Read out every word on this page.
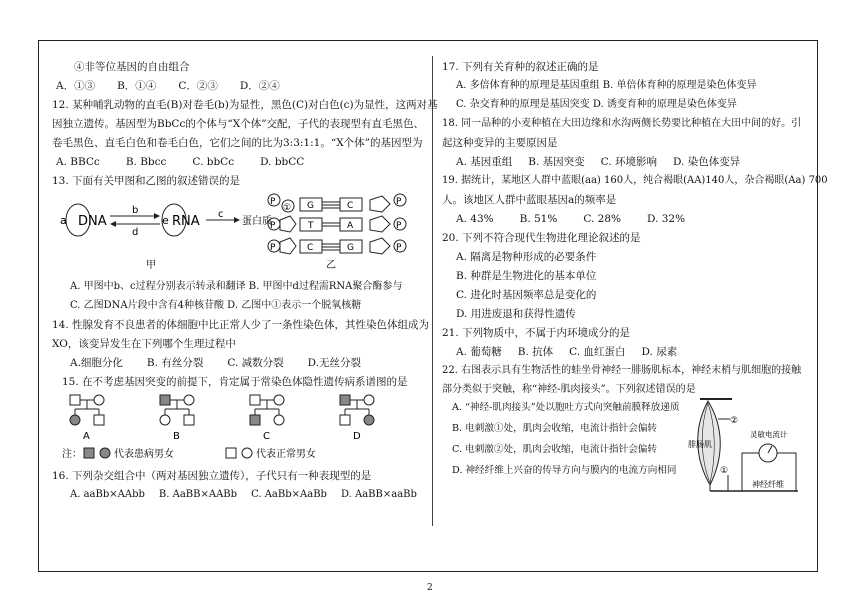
④非等位基因的自由组合

A．①③ B．①④ C．②③ D．②④

12. 某种哺乳动物的直毛(B)对卷毛(b)为显性，黑色(C)对白色(c)为显性，这两对基

因独立遗传。基因型为BbCc的个体与“X个体”交配，子代的表现型有直毛黑色、

卷毛黑色、直毛白色和卷毛白色，它们之间的比为3:3:1:1。“X个体”的基因型为

A. BBCc B. Bbcc C. bbCc D. bbCC

13. 下面有关甲图和乙图的叙述错误的是

a DNA
b
d
e RNA c
蛋白质
甲
P
① G	C	P
P	T	A	P
P	C	G	P
乙

A. 甲图中b、c过程分别表示转录和翻译 B. 甲图中d过程需RNA聚合酶参与

C. 乙图DNA片段中含有4种核苷酸 D. 乙图中①表示一个脱氧核糖

14. 性腺发育不良患者的体细胞中比正常人少了一条性染色体，其性染色体组成为

XO，该变异发生在下列哪个生理过程中

A.细胞分化 B. 有丝分裂 C. 减数分裂 D.无丝分裂

15. 在不考虑基因突变的前提下，肯定属于常染色体隐性遗传病系谱图的是

A	B	C	D
注：	代表患病男女	代表正常男女

16. 下列杂交组合中（两对基因独立遗传），子代只有一种表现型的是

A. aaBb×AAbb B. AaBB×AABb C. AaBb×AaBb D. AaBB×aaBb

17. 下列有关育种的叙述正确的是

A. 多倍体育种的原理是基因重组 B. 单倍体育种的原理是染色体变异

C. 杂交育种的原理是基因突变 D. 诱变育种的原理是染色体变异

18. 同一品种的小麦种植在大田边缘和水沟两侧长势要比种植在大田中间的好。引

起这种变异的主要原因是

A. 基因重组 B. 基因突变 C. 环境影响 D. 染色体变异

19. 据统计，某地区人群中蓝眼(aa) 160人，纯合褐眼(AA)140人，杂合褐眼(Aa) 700

人。该地区人群中蓝眼基因a的频率是

A. 43% B. 51% C. 28% D. 32%

20. 下列不符合现代生物进化理论叙述的是

A. 隔离是物种形成的必要条件

B. 种群是生物进化的基本单位

C. 进化时基因频率总是变化的

D. 用进废退和获得性遗传

21. 下列物质中，不属于内环境成分的是

A. 葡萄糖 B. 抗体 C. 血红蛋白 D. 尿素

22. 右图表示具有生物活性的蛙坐骨神经一腓肠肌标本，神经末梢与肌细胞的接触

部分类似于突触，称“神经-肌肉接头”。下列叙述错误的是

A. “神经-肌肉接头”处以胞吐方式向突触前膜释放递质

B. 电刺激①处，肌肉会收缩，电流计指针会偏转

C. 电刺激②处，肌肉会收缩，电流计指针会偏转

D. 神经纤维上兴奋的传导方向与膜内的电流方向相同

②
腓肠肌
①
灵敏电流计
神经纤维
2
